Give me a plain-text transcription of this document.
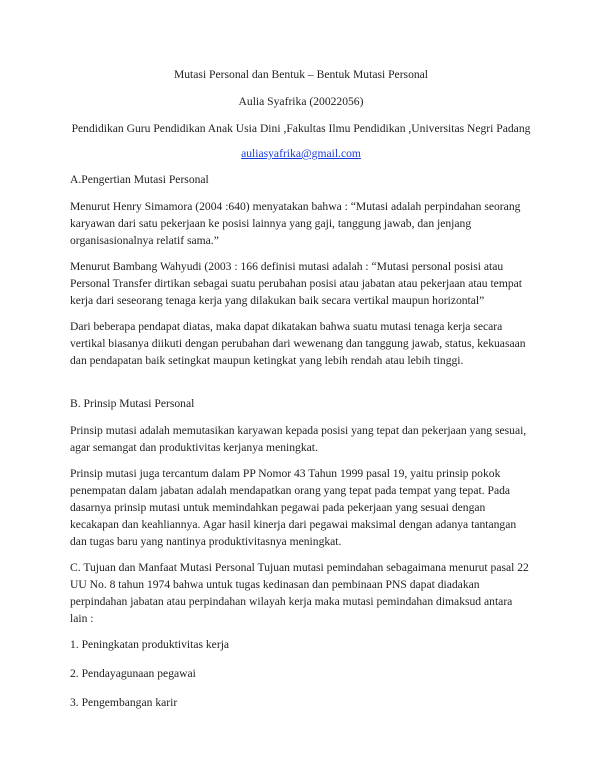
Mutasi Personal dan Bentuk – Bentuk Mutasi Personal

Aulia Syafrika (20022056)

Pendidikan Guru Pendidikan Anak Usia Dini ,Fakultas Ilmu Pendidikan ,Universitas Negri Padang

auliasyafrika@gmail.com

A.Pengertian Mutasi Personal

Menurut Henry Simamora (2004 :640) menyatakan bahwa : “Mutasi adalah perpindahan seorang karyawan dari satu pekerjaan ke posisi lainnya yang gaji, tanggung jawab, dan jenjang organisasionalnya relatif sama.”

Menurut Bambang Wahyudi (2003 : 166 definisi mutasi adalah : “Mutasi personal posisi atau Personal Transfer dirtikan sebagai suatu perubahan posisi atau jabatan atau pekerjaan atau tempat kerja dari seseorang tenaga kerja yang dilakukan baik secara vertikal maupun horizontal”

Dari beberapa pendapat diatas, maka dapat dikatakan bahwa suatu mutasi tenaga kerja secara vertikal biasanya diikuti dengan perubahan dari wewenang dan tanggung jawab, status, kekuasaan dan pendapatan baik setingkat maupun ketingkat yang lebih rendah atau lebih tinggi.

B. Prinsip Mutasi Personal

Prinsip mutasi adalah memutasikan karyawan kepada posisi yang tepat dan pekerjaan yang sesuai, agar semangat dan produktivitas kerjanya meningkat.

Prinsip mutasi juga tercantum dalam PP Nomor 43 Tahun 1999 pasal 19, yaitu prinsip pokok penempatan dalam jabatan adalah mendapatkan orang yang tepat pada tempat yang tepat. Pada dasarnya prinsip mutasi untuk memindahkan pegawai pada pekerjaan yang sesuai dengan kecakapan dan keahliannya. Agar hasil kinerja dari pegawai maksimal dengan adanya tantangan dan tugas baru yang nantinya produktivitasnya meningkat.

C. Tujuan dan Manfaat Mutasi Personal Tujuan mutasi pemindahan sebagaimana menurut pasal 22 UU No. 8 tahun 1974 bahwa untuk tugas kedinasan dan pembinaan PNS dapat diadakan perpindahan jabatan atau perpindahan wilayah kerja maka mutasi pemindahan dimaksud antara lain :

1. Peningkatan produktivitas kerja

2. Pendayagunaan pegawai

3. Pengembangan karir
